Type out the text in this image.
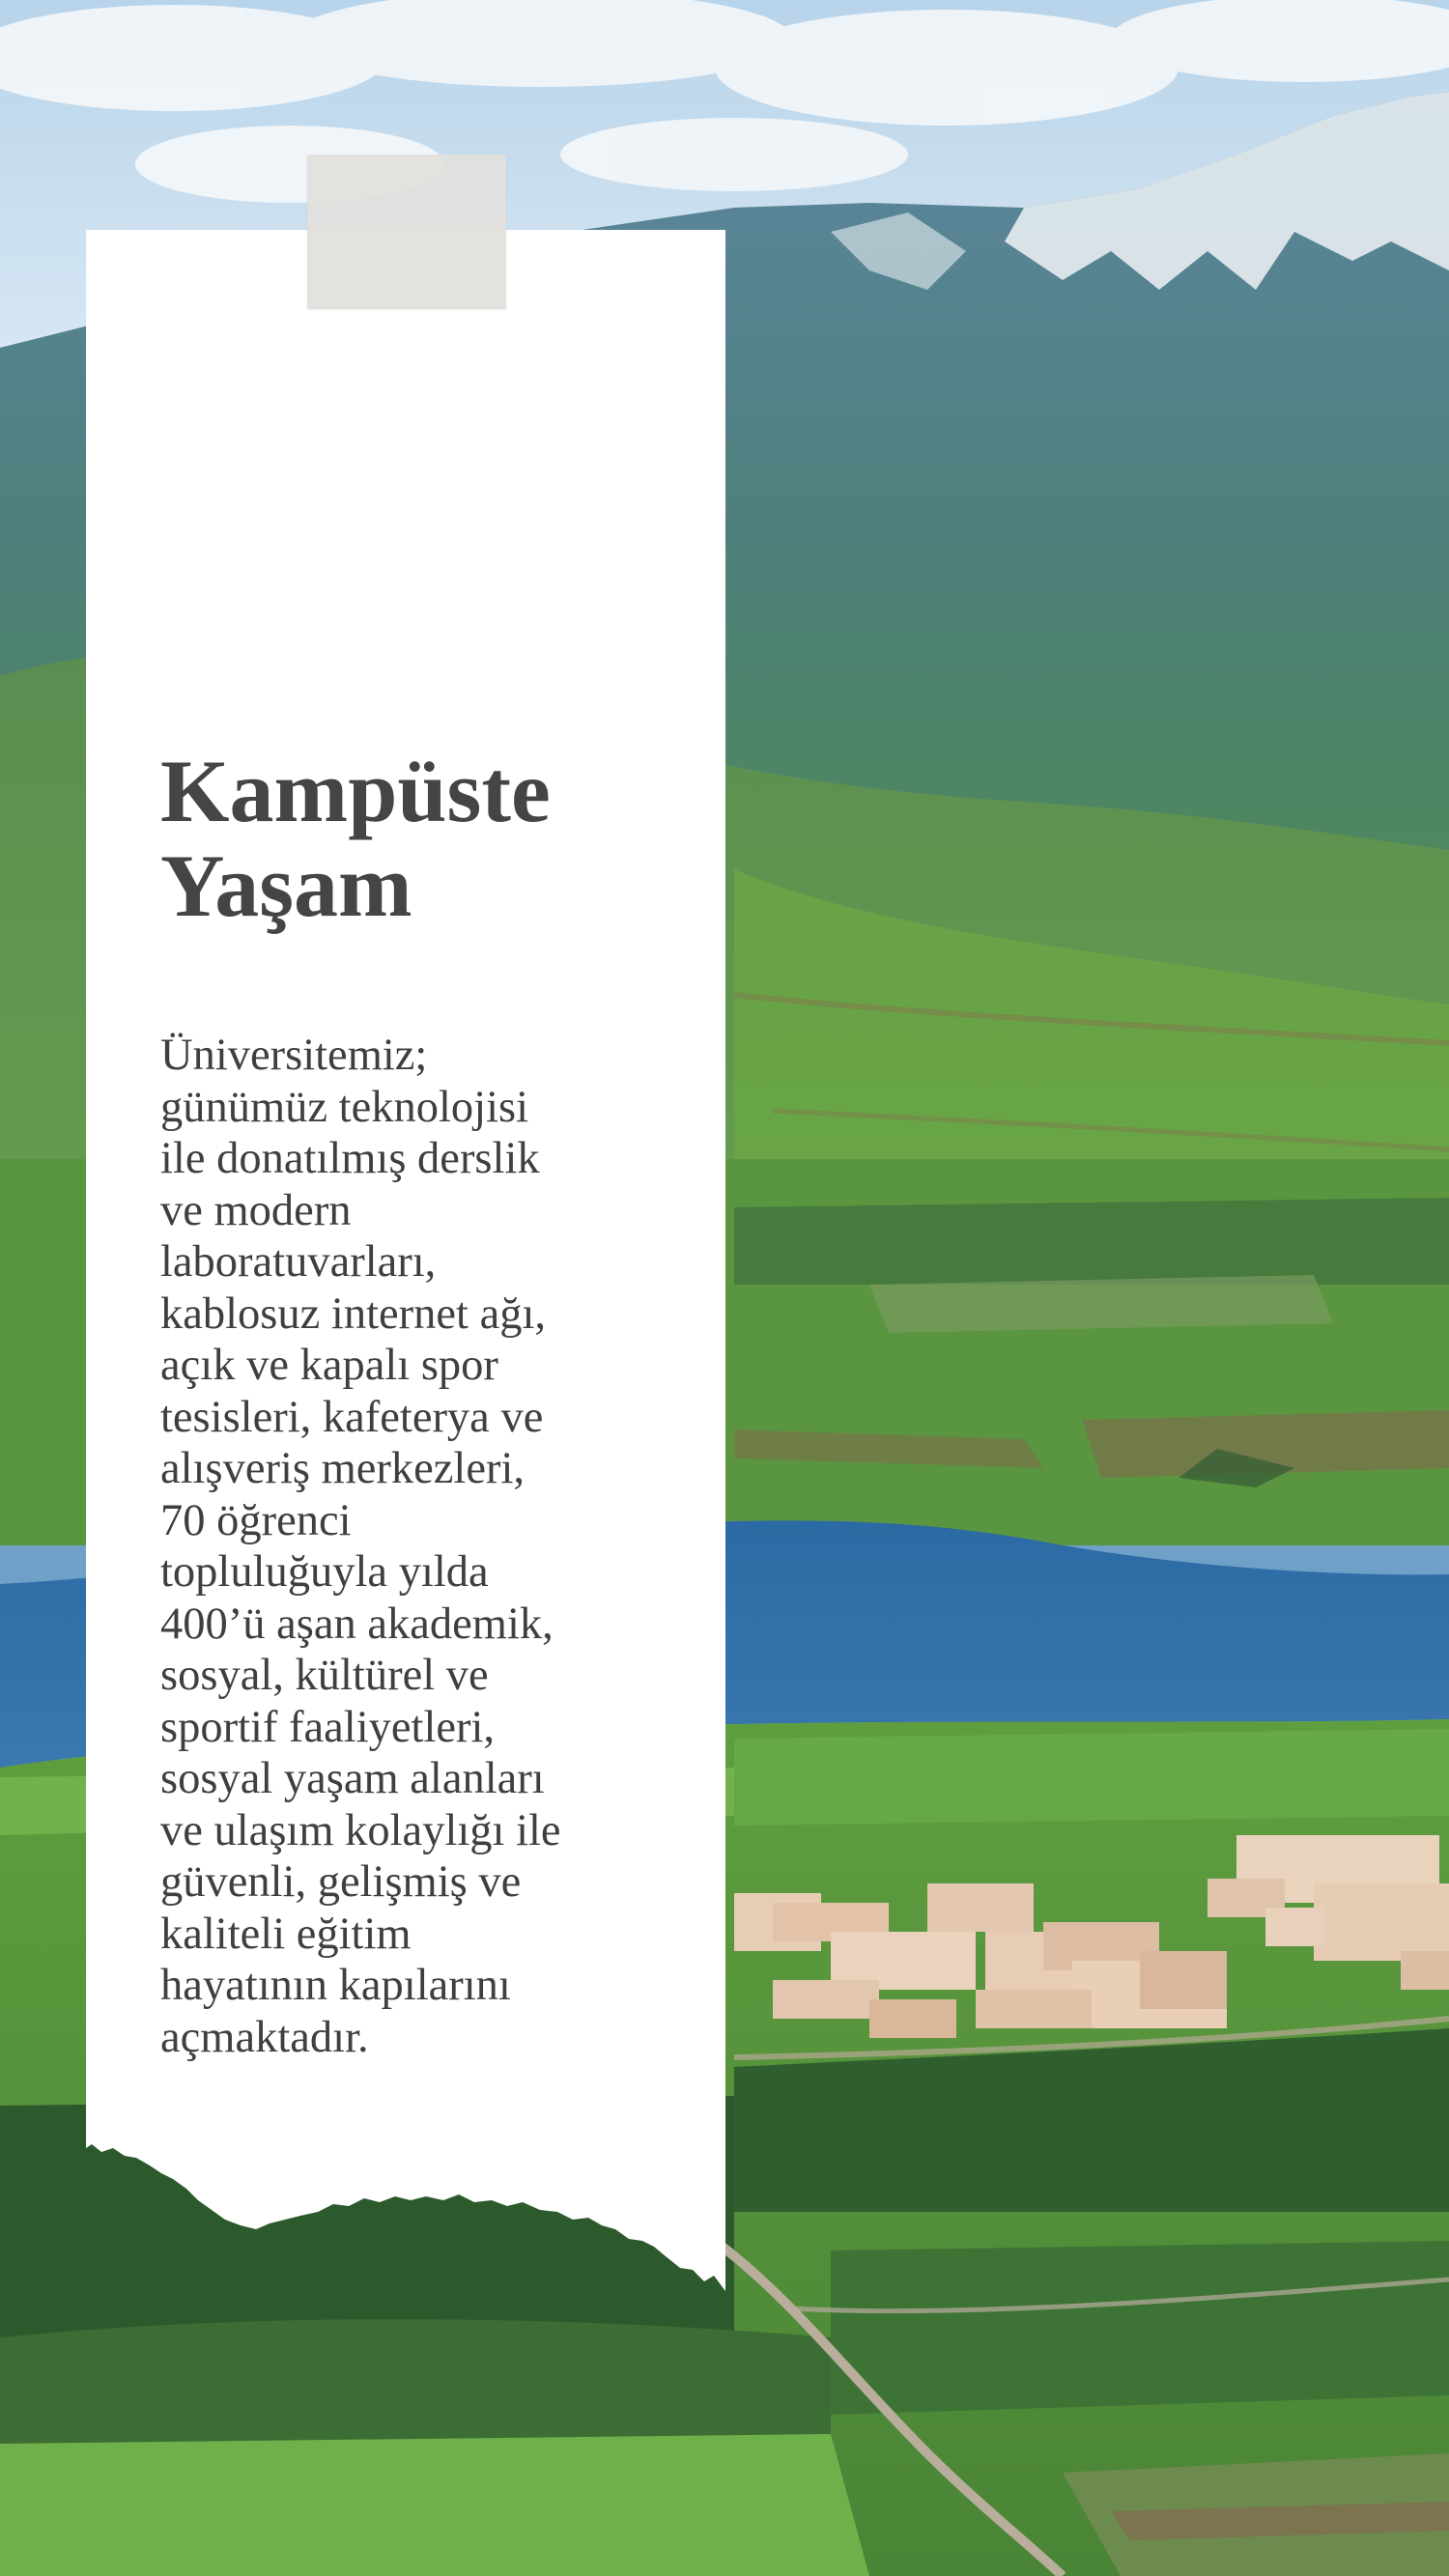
Kampüste
Yaşam

Üniversitemiz;
günümüz teknolojisi
ile donatılmış derslik
ve modern
laboratuvarları,
kablosuz internet ağı,
açık ve kapalı spor
tesisleri, kafeterya ve
alışveriş merkezleri,
70 öğrenci
topluluğuyla yılda
400’ü aşan akademik,
sosyal, kültürel ve
sportif faaliyetleri,
sosyal yaşam alanları
ve ulaşım kolaylığı ile
güvenli, gelişmiş ve
kaliteli eğitim
hayatının kapılarını
açmaktadır.
